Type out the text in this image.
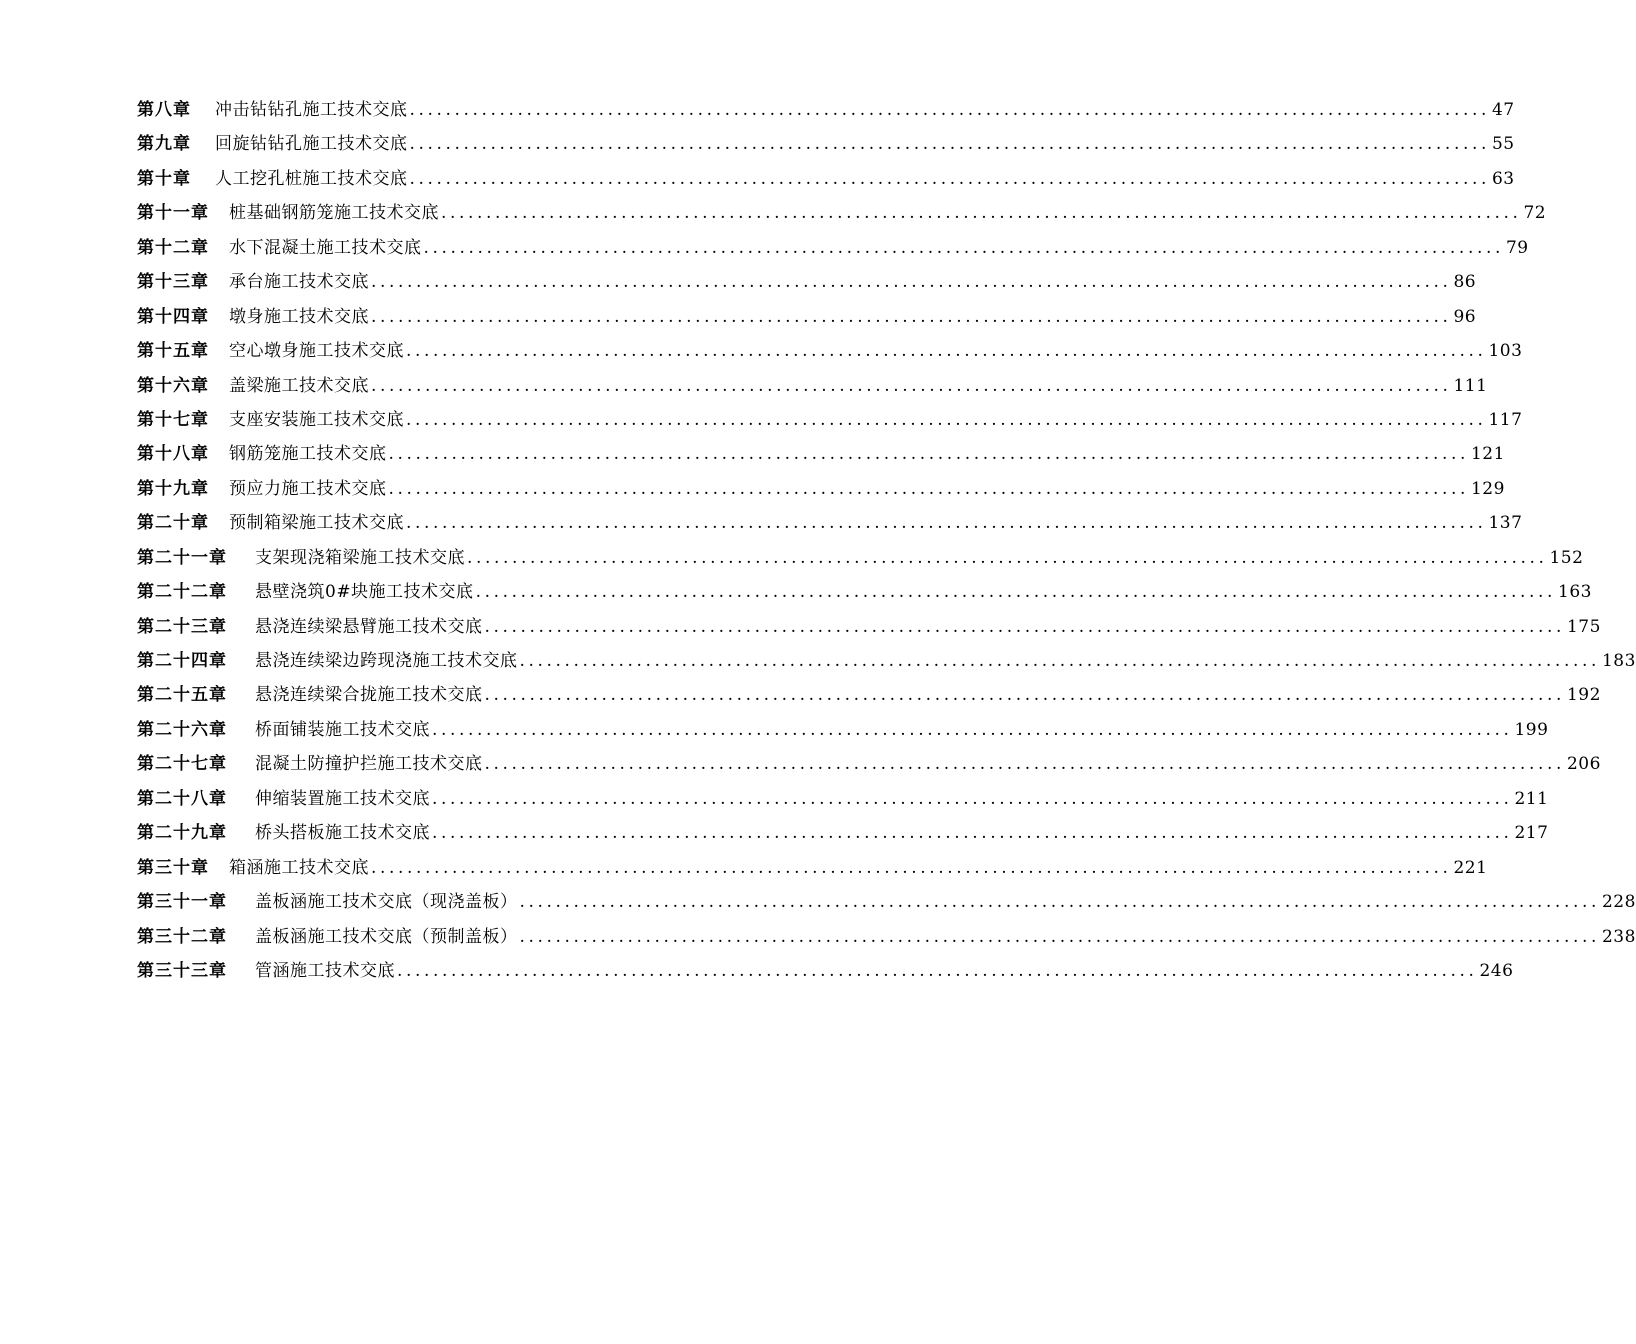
第八章 冲击钻钻孔施工技术交底 ........................................................................................................................ 47
第九章 回旋钻钻孔施工技术交底 ........................................................................................................................ 55
第十章 人工挖孔桩施工技术交底 ........................................................................................................................ 63
第十一章 桩基础钢筋笼施工技术交底 ........................................................................................................................ 72
第十二章 水下混凝土施工技术交底 ........................................................................................................................ 79
第十三章 承台施工技术交底 ........................................................................................................................ 86
第十四章 墩身施工技术交底 ........................................................................................................................ 96
第十五章 空心墩身施工技术交底 ........................................................................................................................ 103
第十六章 盖梁施工技术交底 ........................................................................................................................ 111
第十七章 支座安装施工技术交底 ........................................................................................................................ 117
第十八章 钢筋笼施工技术交底 ........................................................................................................................ 121
第十九章 预应力施工技术交底 ........................................................................................................................ 129
第二十章 预制箱梁施工技术交底 ........................................................................................................................ 137
第二十一章 支架现浇箱梁施工技术交底 ........................................................................................................................ 152
第二十二章 悬壁浇筑0#块施工技术交底 ........................................................................................................................ 163
第二十三章 悬浇连续梁悬臂施工技术交底 ........................................................................................................................ 175
第二十四章 悬浇连续梁边跨现浇施工技术交底 ........................................................................................................................ 183
第二十五章 悬浇连续梁合拢施工技术交底 ........................................................................................................................ 192
第二十六章 桥面铺装施工技术交底 ........................................................................................................................ 199
第二十七章 混凝土防撞护拦施工技术交底 ........................................................................................................................ 206
第二十八章 伸缩装置施工技术交底 ........................................................................................................................ 211
第二十九章 桥头搭板施工技术交底 ........................................................................................................................ 217
第三十章 箱涵施工技术交底 ........................................................................................................................ 221
第三十一章 盖板涵施工技术交底（现浇盖板） ........................................................................................................................ 228
第三十二章 盖板涵施工技术交底（预制盖板） ........................................................................................................................ 238
第三十三章 管涵施工技术交底 ........................................................................................................................ 246
